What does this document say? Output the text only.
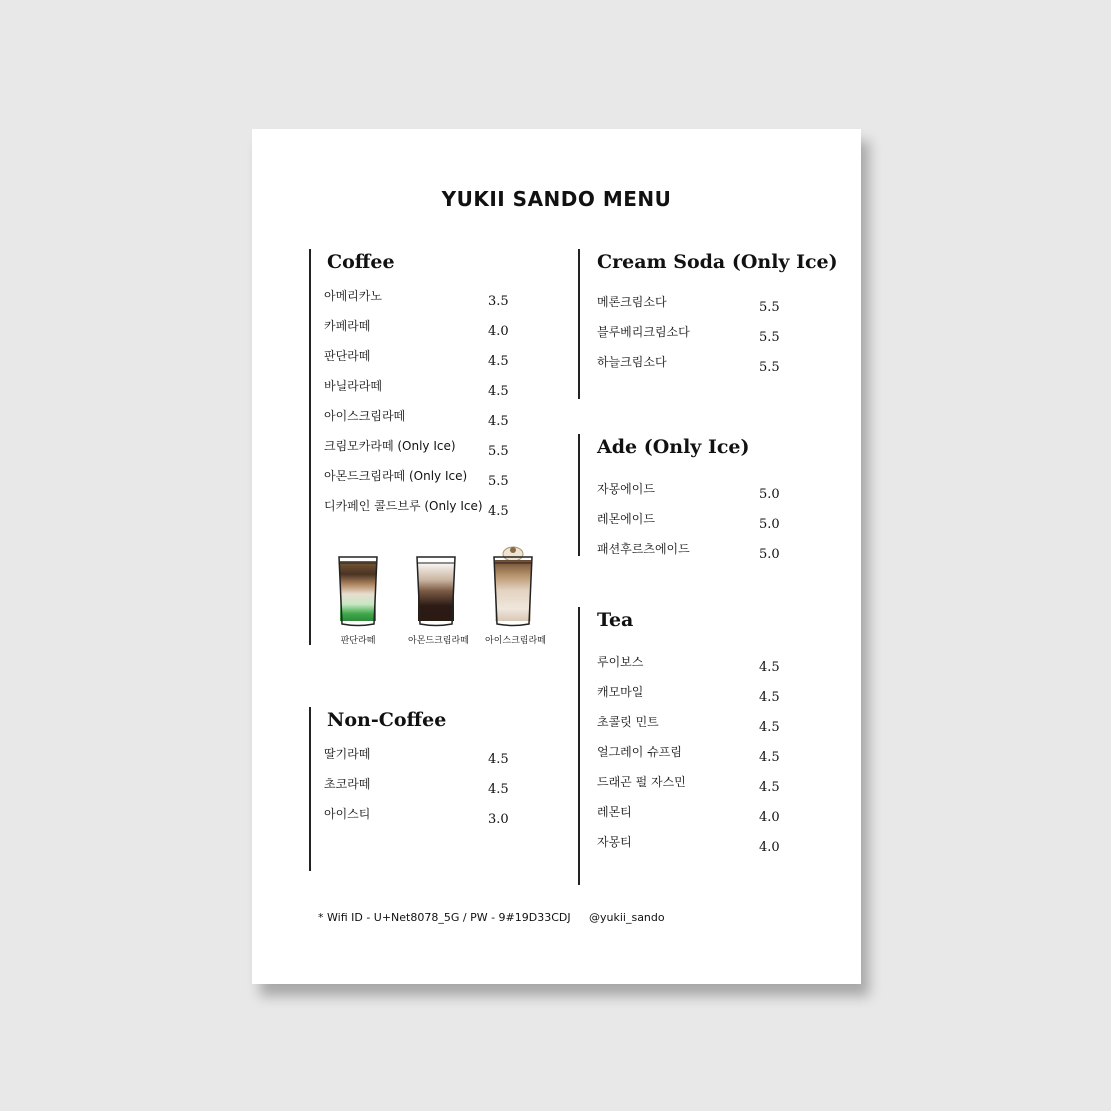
YUKII SANDO MENU
Coffee
아메리카노	3.5
카페라떼	4.0
판단라떼	4.5
바닐라라떼	4.5
아이스크림라떼	4.5
크림모카라떼 (Only Ice) 5.5
아몬드크림라떼 (Only Ice) 5.5
디카페인 콜드브루 (Only Ice) 4.5
판단라떼	아몬드크림라떼 아이스크림라떼
Non-Coffee
딸기라떼	4.5
초코라떼	4.5
아이스티	3.0
Cream Soda (Only Ice)
메론크림소다	5.5
블루베리크림소다	5.5
하늘크림소다	5.5
Ade (Only Ice)
자몽에이드	5.0
레몬에이드	5.0
패션후르츠에이드	5.0
Tea
루이보스	4.5
캐모마일	4.5
초콜릿 민트	4.5
얼그레이 슈프림	4.5
드래곤 펄 자스민	4.5
레몬티	4.0
자몽티	4.0
* Wifi ID - U+Net8078_5G / PW - 9#19D33CDJ @yukii_sando
